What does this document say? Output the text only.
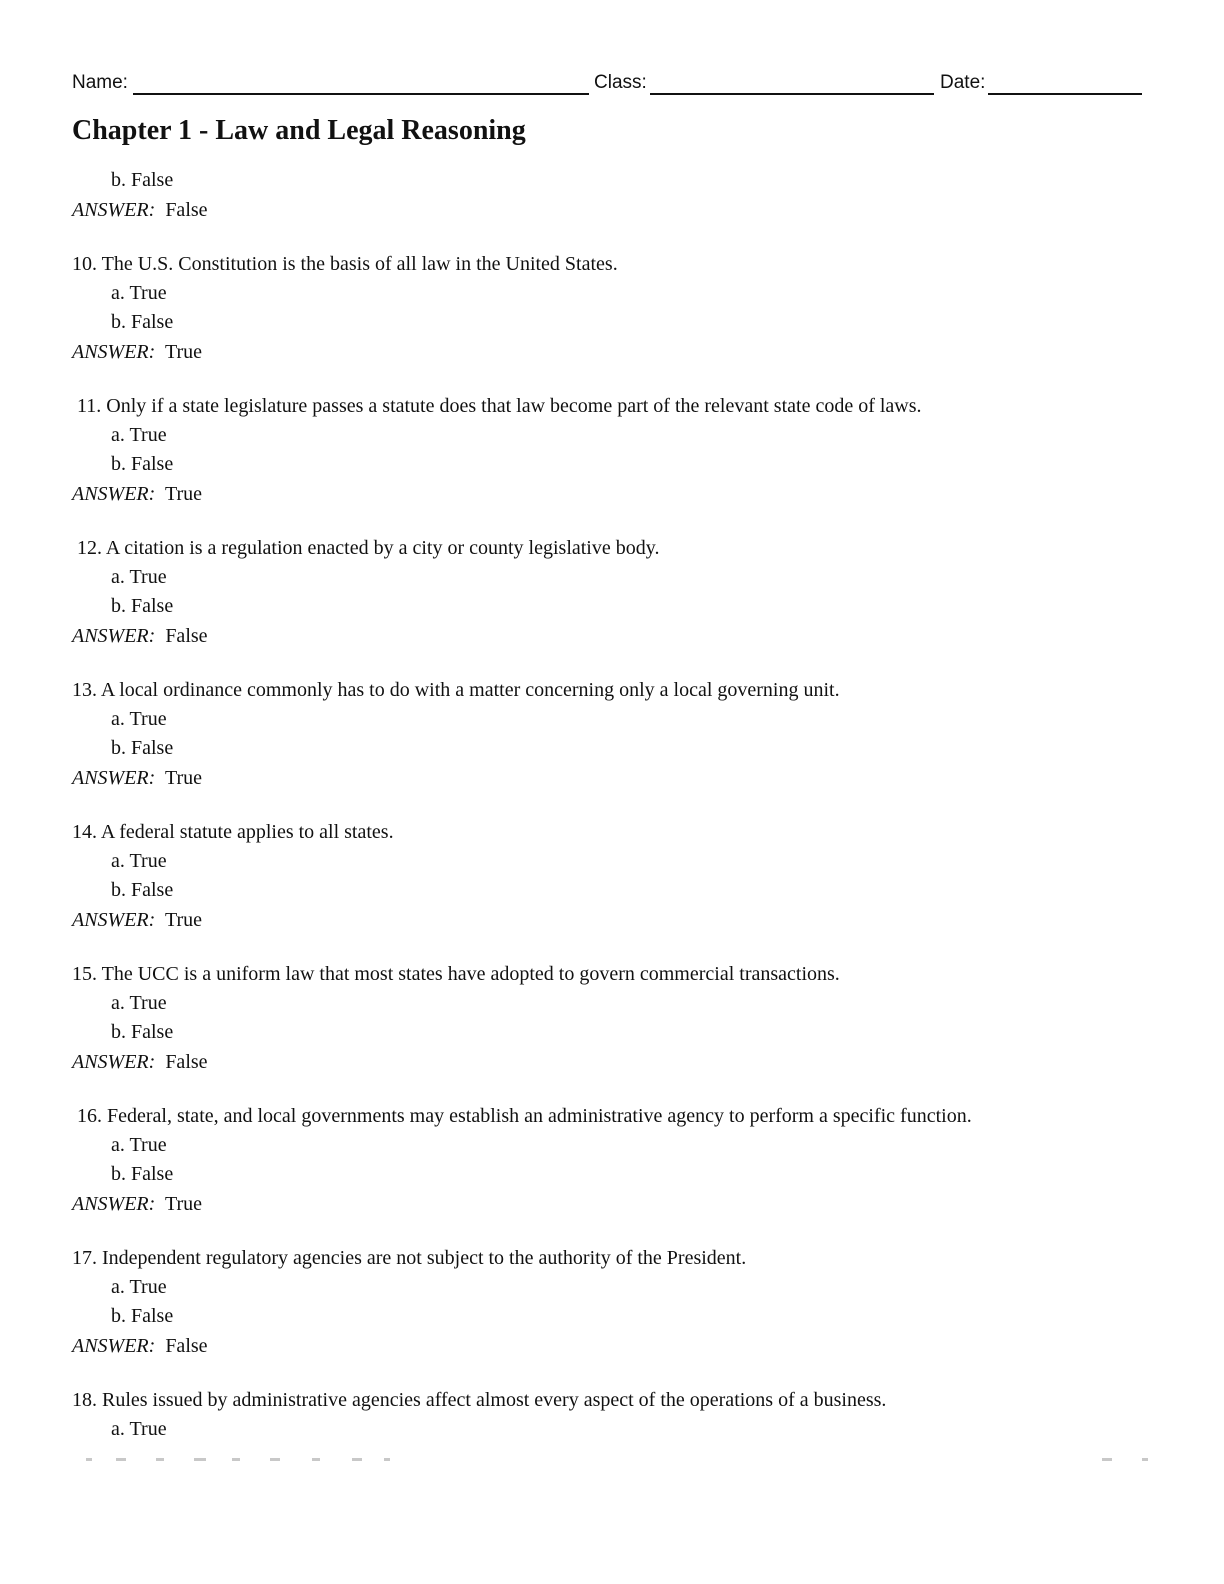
Name:	Class:	Date:
Chapter 1 - Law and Legal Reasoning
b. False
ANSWER: False
10. The U.S. Constitution is the basis of all law in the United States.
a. True
b. False
ANSWER: True
11. Only if a state legislature passes a statute does that law become part of the relevant state code of laws.
a. True
b. False
ANSWER: True
12. A citation is a regulation enacted by a city or county legislative body.
a. True
b. False
ANSWER: False
13. A local ordinance commonly has to do with a matter concerning only a local governing unit.
a. True
b. False
ANSWER: True
14. A federal statute applies to all states.
a. True
b. False
ANSWER: True
15. The UCC is a uniform law that most states have adopted to govern commercial transactions.
a. True
b. False
ANSWER: False
16. Federal, state, and local governments may establish an administrative agency to perform a specific function.
a. True
b. False
ANSWER: True
17. Independent regulatory agencies are not subject to the authority of the President.
a. True
b. False
ANSWER: False
18. Rules issued by administrative agencies affect almost every aspect of the operations of a business.
a. True
